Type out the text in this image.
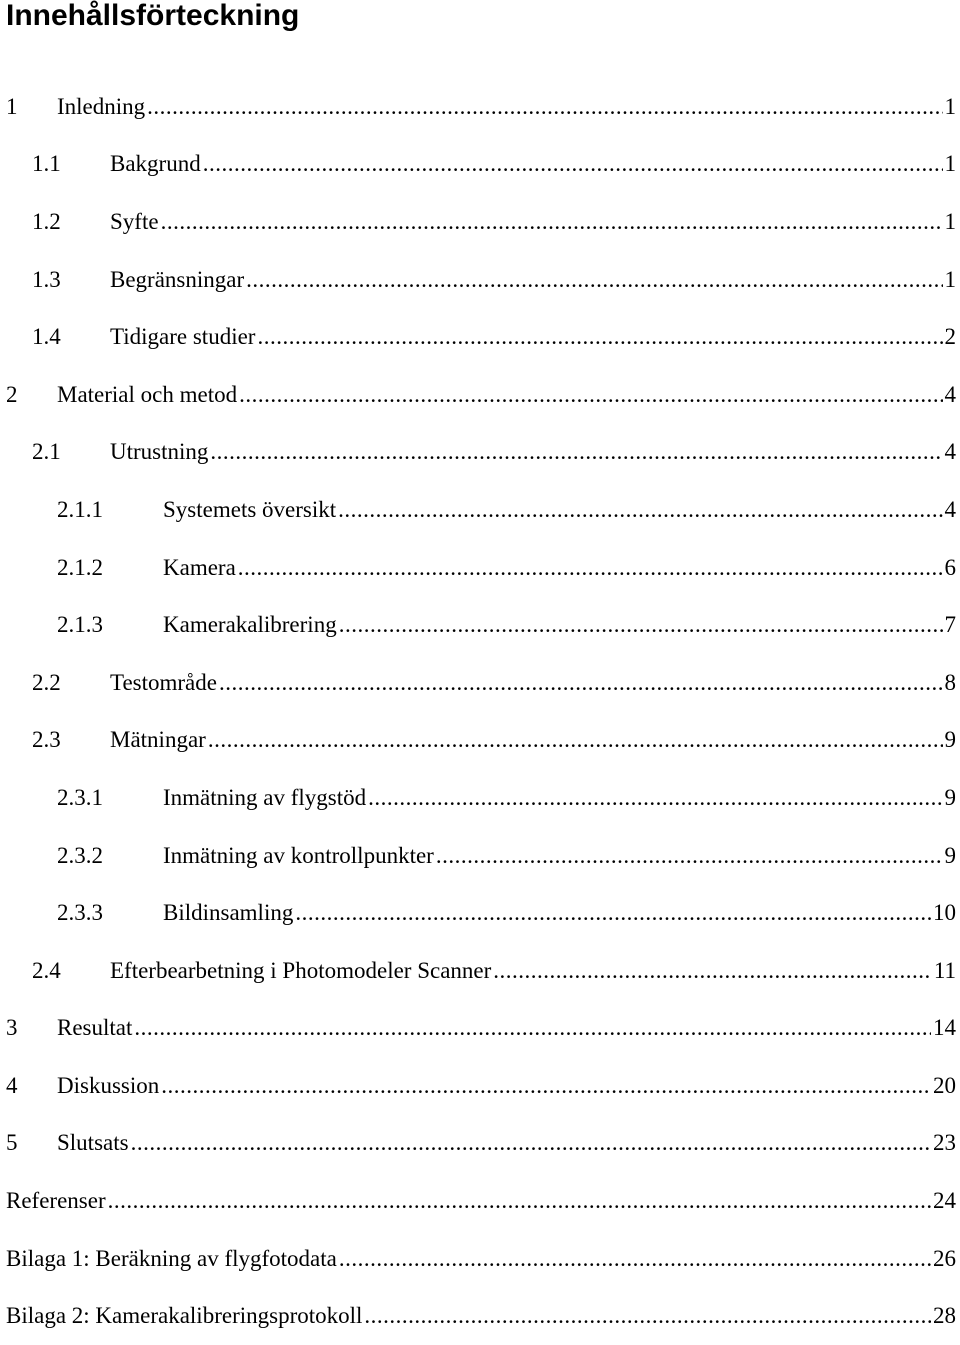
Innehållsförteckning
1	Inledning .....	1
1.1	Bakgrund .....	1
1.2	Syfte .....	1
1.3	Begränsningar .....	1
1.4	Tidigare studier .....	2
2	Material och metod .....	4
2.1	Utrustning .....	4
2.1.1	Systemets översikt .....	4
2.1.2	Kamera .....	6
2.1.3	Kamerakalibrering .....	7
2.2	Testområde .....	8
2.3	Mätningar .....	9
2.3.1	Inmätning av flygstöd .....	9
2.3.2	Inmätning av kontrollpunkter .....	9
2.3.3	Bildinsamling .....	10
2.4	Efterbearbetning i Photomodeler Scanner .....	11
3	Resultat .....	14
4	Diskussion .....	20
5	Slutsats .....	23
Referenser .....	24
Bilaga 1: Beräkning av flygfotodata .....	26
Bilaga 2: Kamerakalibreringsprotokoll .....	28
